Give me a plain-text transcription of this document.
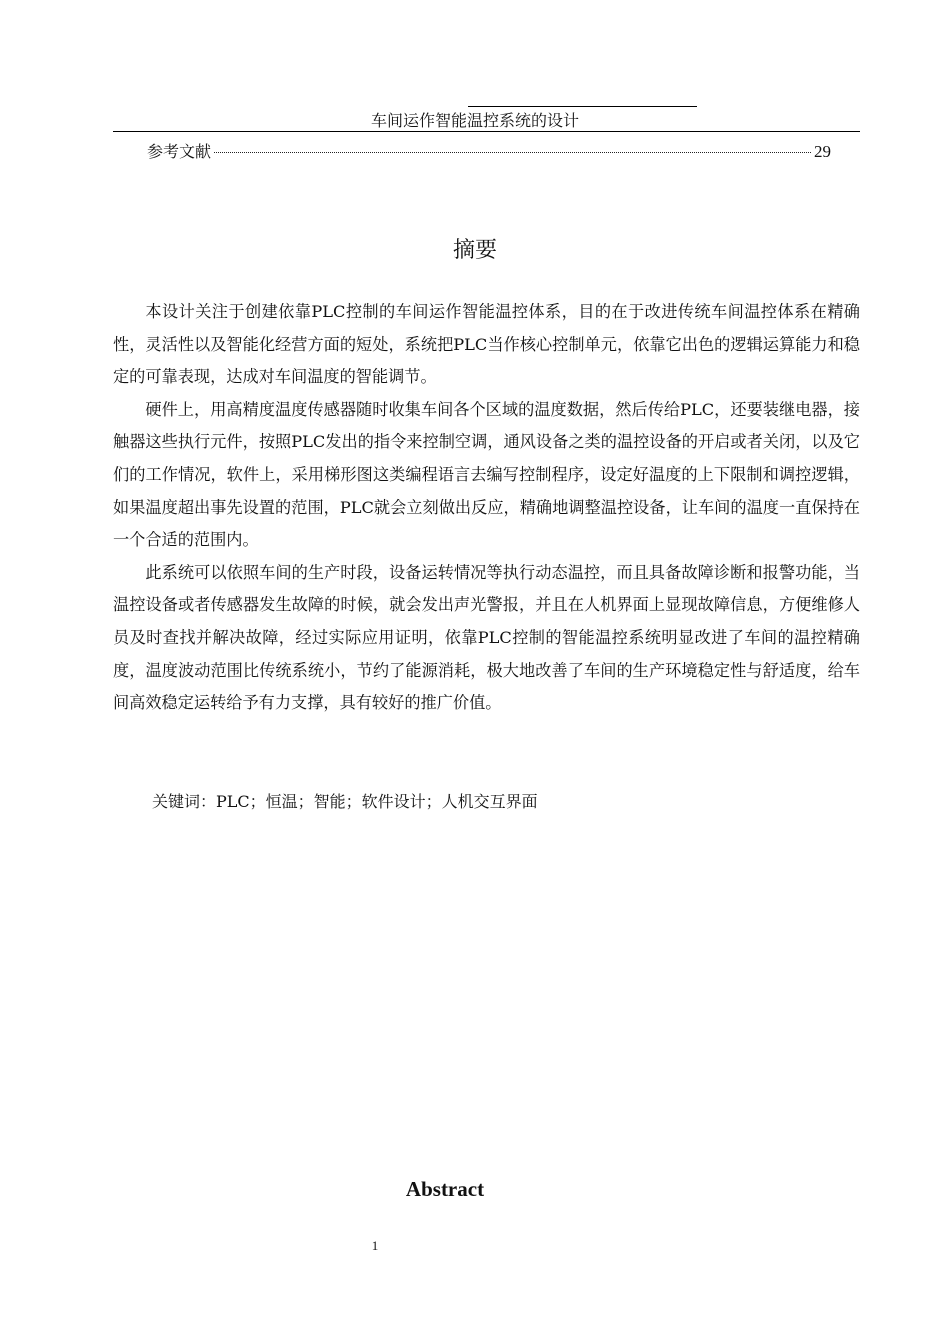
车间运作智能温控系统的设计
参考文献	29
摘要

本设计关注于创建依靠PLC控制的车间运作智能温控体系，目的在于改进传统车间温控体系在精确性，灵活性以及智能化经营方面的短处，系统把PLC当作核心控制单元，依靠它出色的逻辑运算能力和稳定的可靠表现，达成对车间温度的智能调节。

硬件上，用高精度温度传感器随时收集车间各个区域的温度数据，然后传给PLC，还要装继电器，接触器这些执行元件，按照PLC发出的指令来控制空调，通风设备之类的温控设备的开启或者关闭，以及它们的工作情况，软件上，采用梯形图这类编程语言去编写控制程序，设定好温度的上下限制和调控逻辑，如果温度超出事先设置的范围，PLC就会立刻做出反应，精确地调整温控设备，让车间的温度一直保持在一个合适的范围内。

此系统可以依照车间的生产时段，设备运转情况等执行动态温控，而且具备故障诊断和报警功能，当温控设备或者传感器发生故障的时候，就会发出声光警报，并且在人机界面上显现故障信息，方便维修人员及时查找并解决故障，经过实际应用证明，依靠PLC控制的智能温控系统明显改进了车间的温控精确度，温度波动范围比传统系统小，节约了能源消耗，极大地改善了车间的生产环境稳定性与舒适度，给车间高效稳定运转给予有力支撑，具有较好的推广价值。

关键词：PLC；恒温；智能；软件设计；人机交互界面
Abstract
1
